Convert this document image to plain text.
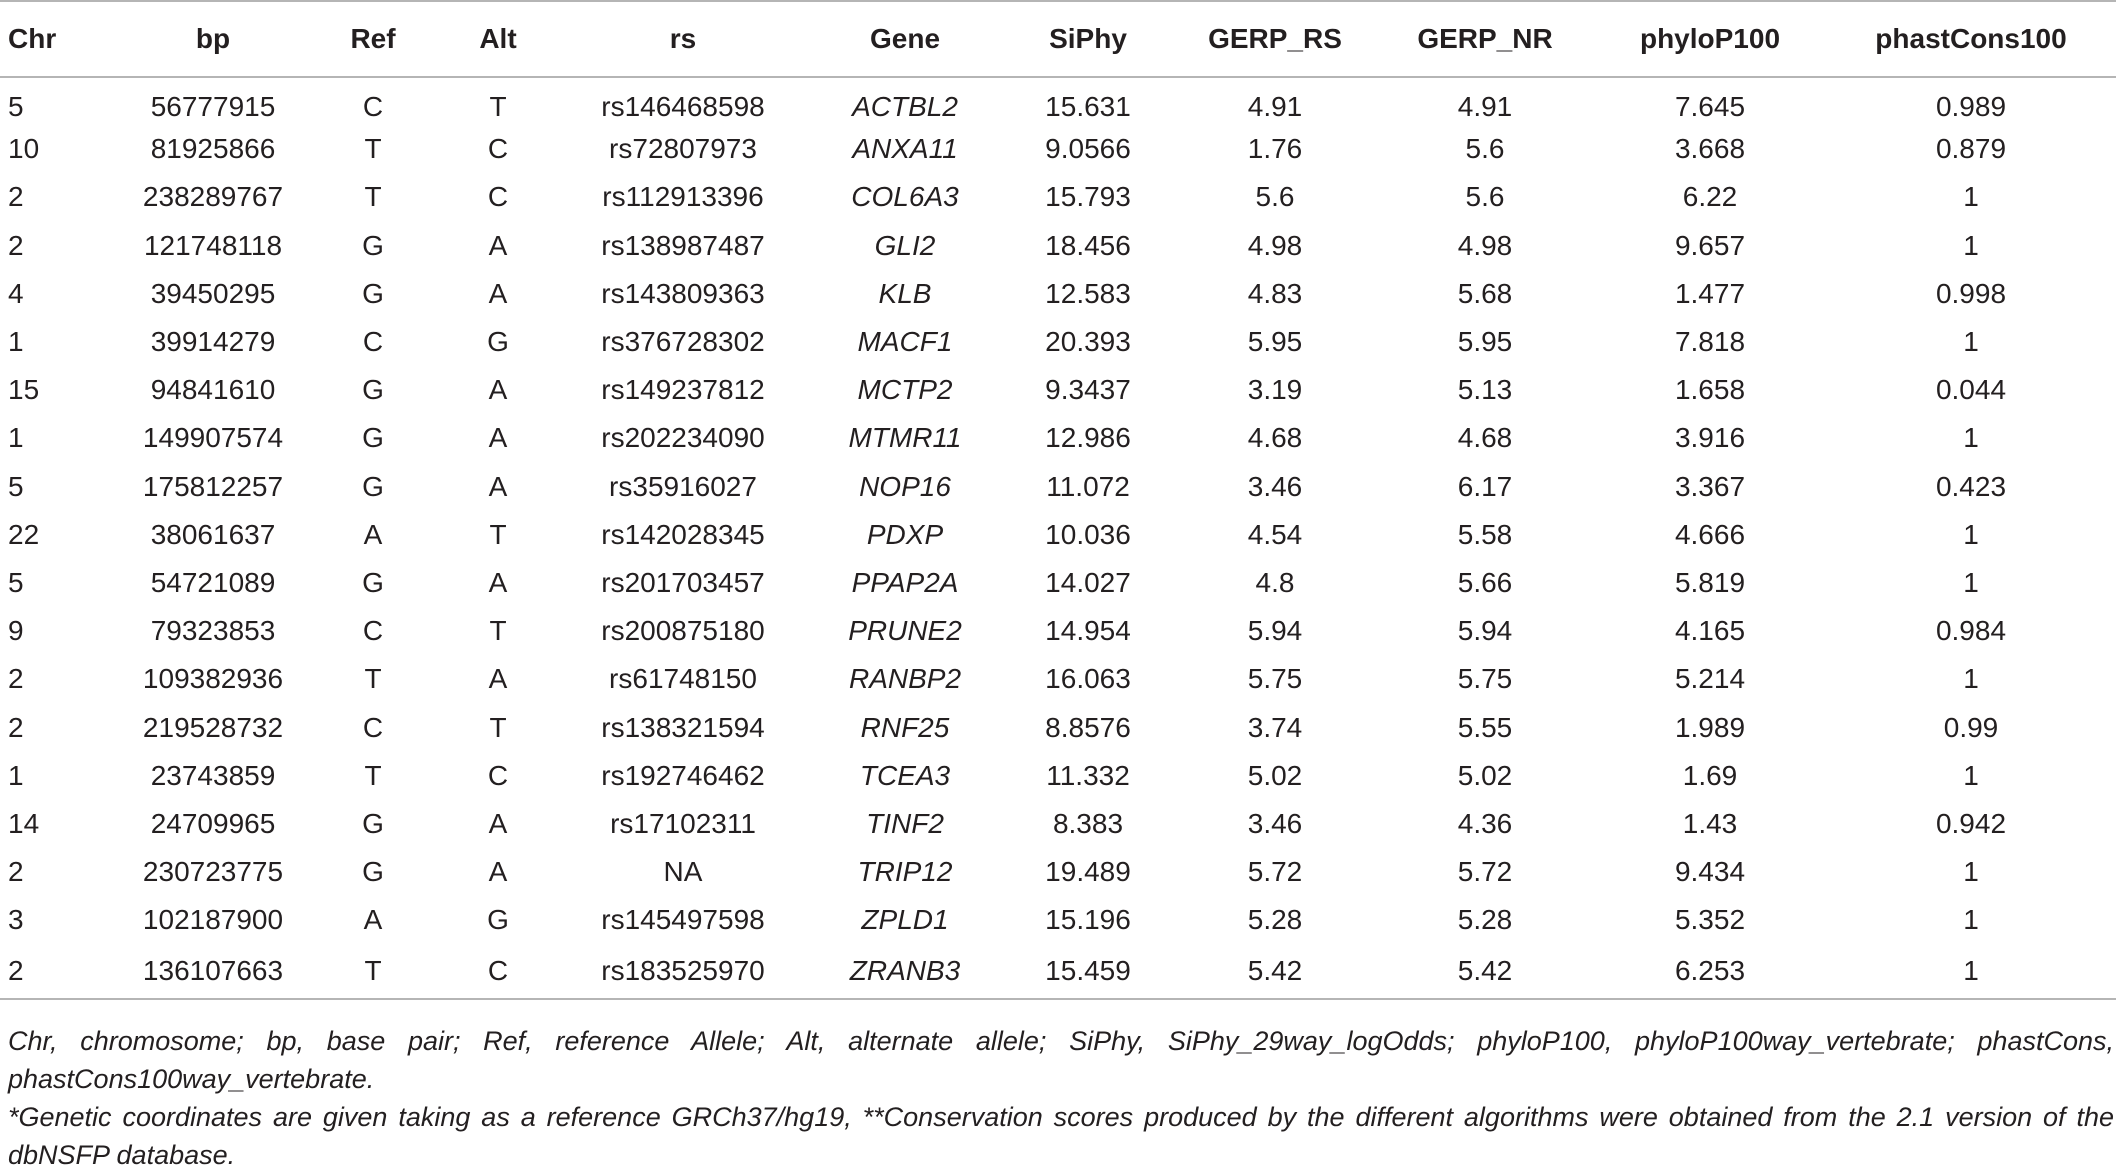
Chr	bp	Ref	Alt	rs	Gene	SiPhy	GERP_RS	GERP_NR	phyloP100	phastCons100
5	56777915	C	T	rs146468598	ACTBL2	15.631	4.91	4.91	7.645	0.989
10	81925866	T	C	rs72807973	ANXA11	9.0566	1.76	5.6	3.668	0.879
2	238289767	T	C	rs112913396	COL6A3	15.793	5.6	5.6	6.22	1
2	121748118	G	A	rs138987487	GLI2	18.456	4.98	4.98	9.657	1
4	39450295	G	A	rs143809363	KLB	12.583	4.83	5.68	1.477	0.998
1	39914279	C	G	rs376728302	MACF1	20.393	5.95	5.95	7.818	1
15	94841610	G	A	rs149237812	MCTP2	9.3437	3.19	5.13	1.658	0.044
1	149907574	G	A	rs202234090	MTMR11	12.986	4.68	4.68	3.916	1
5	175812257	G	A	rs35916027	NOP16	11.072	3.46	6.17	3.367	0.423
22	38061637	A	T	rs142028345	PDXP	10.036	4.54	5.58	4.666	1
5	54721089	G	A	rs201703457	PPAP2A	14.027	4.8	5.66	5.819	1
9	79323853	C	T	rs200875180	PRUNE2	14.954	5.94	5.94	4.165	0.984
2	109382936	T	A	rs61748150	RANBP2	16.063	5.75	5.75	5.214	1
2	219528732	C	T	rs138321594	RNF25	8.8576	3.74	5.55	1.989	0.99
1	23743859	T	C	rs192746462	TCEA3	11.332	5.02	5.02	1.69	1
14	24709965	G	A	rs17102311	TINF2	8.383	3.46	4.36	1.43	0.942
2	230723775	G	A	NA	TRIP12	19.489	5.72	5.72	9.434	1
3	102187900	A	G	rs145497598	ZPLD1	15.196	5.28	5.28	5.352	1
2	136107663	T	C	rs183525970	ZRANB3	15.459	5.42	5.42	6.253	1

Chr, chromosome; bp, base pair; Ref, reference Allele; Alt, alternate allele; SiPhy, SiPhy_29way_logOdds; phyloP100, phyloP100way_vertebrate; phastCons, phastCons100way_vertebrate.

*Genetic coordinates are given taking as a reference GRCh37/hg19, **Conservation scores produced by the different algorithms were obtained from the 2.1 version of the dbNSFP database.
